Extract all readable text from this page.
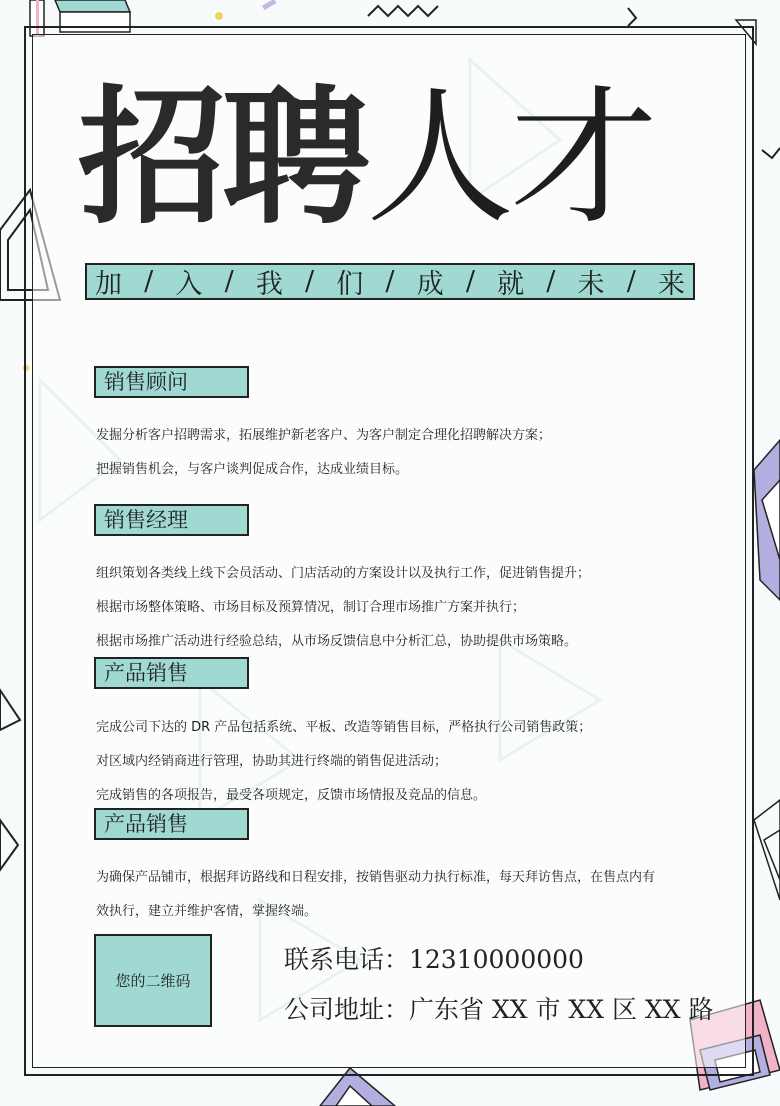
招聘人才
加 / 入 / 我 / 们 / 成 / 就 / 未 / 来
销售顾问
发掘分析客户招聘需求，拓展维护新老客户、为客户制定合理化招聘解决方案；
把握销售机会，与客户谈判促成合作，达成业绩目标。
销售经理
组织策划各类线上线下会员活动、门店活动的方案设计以及执行工作，促进销售提升；
根据市场整体策略、市场目标及预算情况，制订合理市场推广方案并执行；
根据市场推广活动进行经验总结，从市场反馈信息中分析汇总，协助提供市场策略。
产品销售
完成公司下达的 DR 产品包括系统、平板、改造等销售目标，严格执行公司销售政策；
对区域内经销商进行管理，协助其进行终端的销售促进活动；
完成销售的各项报告，最受各项规定，反馈市场情报及竞品的信息。
产品销售
为确保产品铺市，根据拜访路线和日程安排，按销售驱动力执行标准，每天拜访售点，在售点内有
效执行，建立并维护客情，掌握终端。
您的二维码
联系电话：12310000000
公司地址：广东省 XX 市 XX 区 XX 路
